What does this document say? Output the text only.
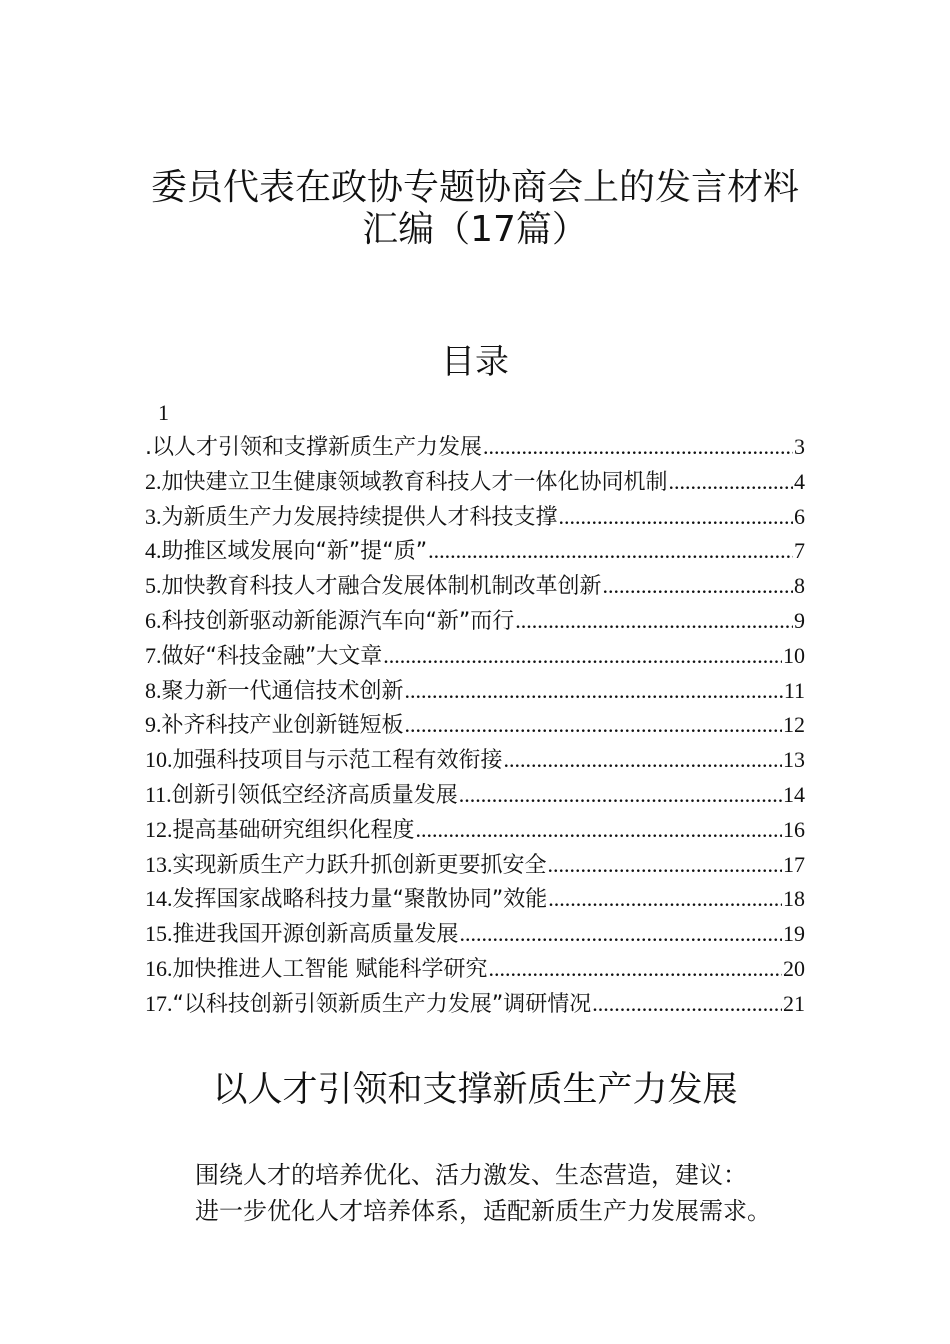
委员代表在政协专题协商会上的发言材料
汇编（17篇）
目录
1
.以人才引领和支撑新质生产力发展 .....	3
2.加快建立卫生健康领域教育科技人才一体化协同机制 .....	4
3.为新质生产力发展持续提供人才科技支撑 .....	6
4.助推区域发展向“新”提“质” .....	7
5.加快教育科技人才融合发展体制机制改革创新 .....	8
6.科技创新驱动新能源汽车向“新”而行 .....	9
7.做好“科技金融”大文章 .....	10
8.聚力新一代通信技术创新 .....	11
9.补齐科技产业创新链短板 .....	12
10.加强科技项目与示范工程有效衔接 .....	13
11.创新引领低空经济高质量发展 .....	14
12.提高基础研究组织化程度 .....	16
13.实现新质生产力跃升抓创新更要抓安全 .....	17
14.发挥国家战略科技力量“聚散协同”效能 .....	18
15.推进我国开源创新高质量发展 .....	19
16.加快推进人工智能 赋能科学研究 .....	20
17.“以科技创新引领新质生产力发展”调研情况 .....	21
以人才引领和支撑新质生产力发展
围绕人才的培养优化、活力激发、生态营造，建议：
进一步优化人才培养体系，适配新质生产力发展需求。
